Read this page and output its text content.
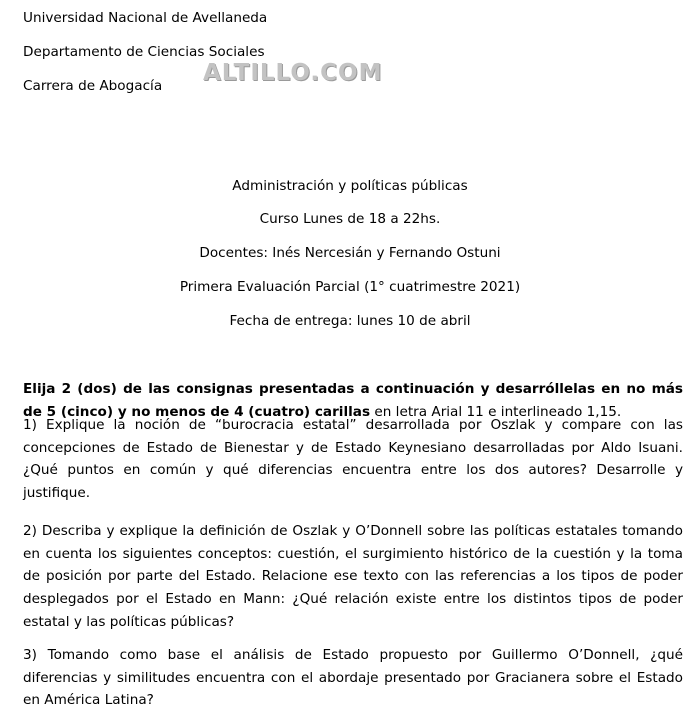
Universidad Nacional de Avellaneda

Departamento de Ciencias Sociales

Carrera de Abogacía ALTILLO.COM

Administración y políticas públicas

Curso Lunes de 18 a 22hs.

Docentes: Inés Nercesián y Fernando Ostuni

Primera Evaluación Parcial (1° cuatrimestre 2021)

Fecha de entrega: lunes 10 de abril

Elija 2 (dos) de las consignas presentadas a continuación y desarróllelas en no más de 5 (cinco) y no menos de 4 (cuatro) carillas en letra Arial 11 e interlineado 1,15.

1) Explique la noción de “burocracia estatal” desarrollada por Oszlak y compare con las concepciones de Estado de Bienestar y de Estado Keynesiano desarrolladas por Aldo Isuani. ¿Qué puntos en común y qué diferencias encuentra entre los dos autores? Desarrolle y justifique.

2) Describa y explique la definición de Oszlak y O’Donnell sobre las políticas estatales tomando en cuenta los siguientes conceptos: cuestión, el surgimiento histórico de la cuestión y la toma de posición por parte del Estado. Relacione ese texto con las referencias a los tipos de poder desplegados por el Estado en Mann: ¿Qué relación existe entre los distintos tipos de poder estatal y las políticas públicas?

3) Tomando como base el análisis de Estado propuesto por Guillermo O’Donnell, ¿qué diferencias y similitudes encuentra con el abordaje presentado por Gracianera sobre el Estado en América Latina?
